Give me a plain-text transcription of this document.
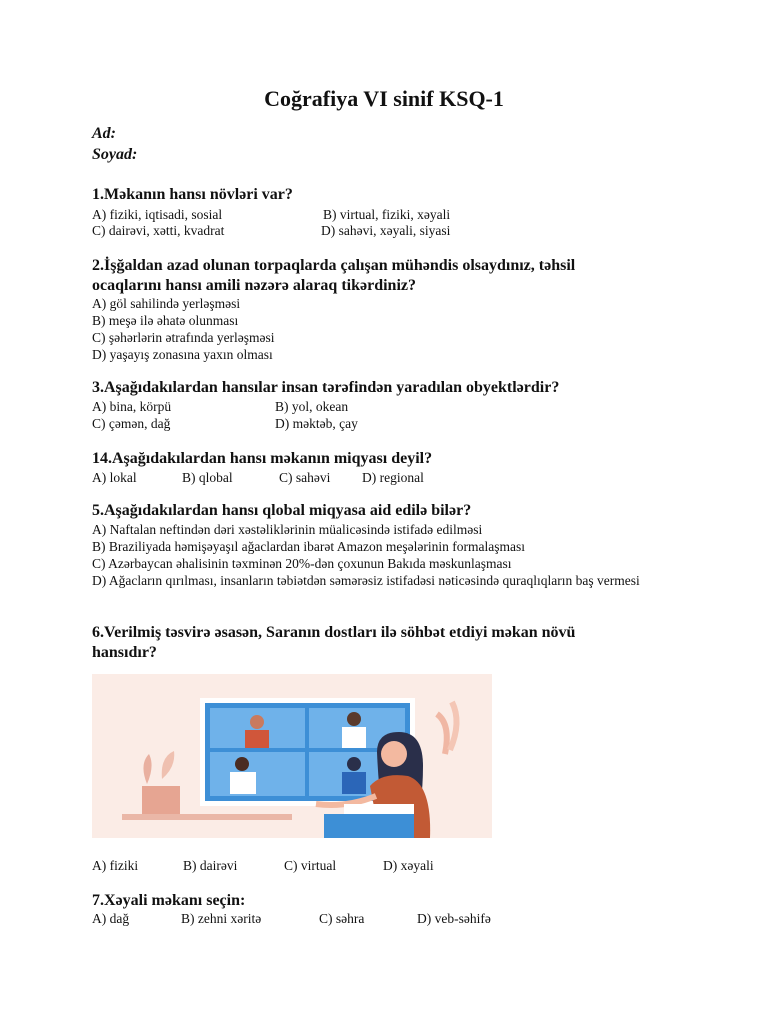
Coğrafiya VI sinif KSQ-1
Ad:
Soyad:
1.Məkanın hansı növləri var?
A) fiziki, iqtisadi, sosial	B) virtual, fiziki, xəyali
C) dairəvi, xətti, kvadrat	D) sahəvi, xəyali, siyasi
2.İşğaldan azad olunan torpaqlarda çalışan mühəndis olsaydınız, təhsil
ocaqlarını hansı amili nəzərə alaraq tikərdiniz?
A) göl sahilində yerləşməsi
B) meşə ilə əhatə olunması
C) şəhərlərin ətrafında yerləşməsi
D) yaşayış zonasına yaxın olması
3.Aşağıdakılardan hansılar insan tərəfindən yaradılan obyektlərdir?
A) bina, körpü	B) yol, okean
C) çəmən, dağ	D) məktəb, çay
14.Aşağıdakılardan hansı məkanın miqyası deyil?
A) lokal	B) qlobal	C) sahəvi D) regional
5.Aşağıdakılardan hansı qlobal miqyasa aid edilə bilər?
A) Naftalan neftindən dəri xəstəliklərinin müalicəsində istifadə edilməsi
B) Braziliyada həmişəyaşıl ağaclardan ibarət Amazon meşələrinin formalaşması
C) Azərbaycan əhalisinin təxminən 20%-dən çoxunun Bakıda məskunlaşması
D) Ağacların qırılması, insanların təbiətdən səmərəsiz istifadəsi nəticəsində quraqlıqların baş vermesi
6.Verilmiş təsvirə əsasən, Saranın dostları ilə söhbət etdiyi məkan növü
hansıdır?
A) fiziki	B) dairəvi	C) virtual	D) xəyali
7.Xəyali məkanı seçin:
A) dağ	B) zehni xəritə	C) səhra	D) veb-səhifə
